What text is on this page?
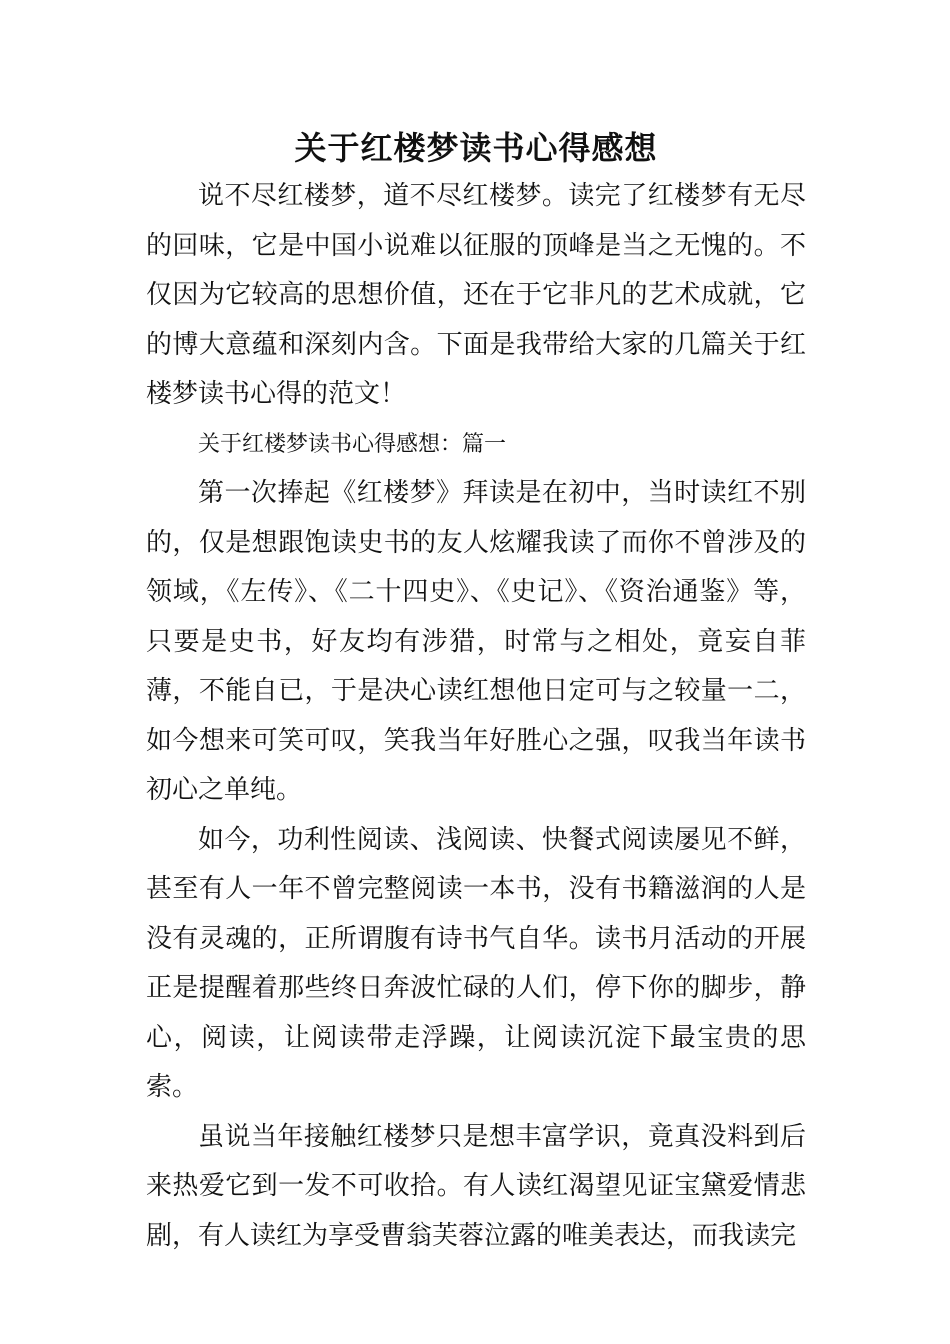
关于红楼梦读书心得感想

说不尽红楼梦，道不尽红楼梦。读完了红楼梦有无尽的回味，它是中国小说难以征服的顶峰是当之无愧的。不仅因为它较高的思想价值，还在于它非凡的艺术成就，它的博大意蕴和深刻内含。下面是我带给大家的几篇关于红楼梦读书心得的范文！

关于红楼梦读书心得感想：篇一

第一次捧起《红楼梦》拜读是在初中，当时读红不别的，仅是想跟饱读史书的友人炫耀我读了而你不曾涉及的领域，《左传》、《二十四史》、《史记》、《资治通鉴》等，只要是史书，好友均有涉猎，时常与之相处，竟妄自菲薄，不能自已，于是决心读红想他日定可与之较量一二，如今想来可笑可叹，笑我当年好胜心之强，叹我当年读书初心之单纯。

如今，功利性阅读、浅阅读、快餐式阅读屡见不鲜，甚至有人一年不曾完整阅读一本书，没有书籍滋润的人是没有灵魂的，正所谓腹有诗书气自华。读书月活动的开展正是提醒着那些终日奔波忙碌的人们，停下你的脚步，静心，阅读，让阅读带走浮躁，让阅读沉淀下最宝贵的思索。

虽说当年接触红楼梦只是想丰富学识，竟真没料到后来热爱它到一发不可收拾。有人读红渴望见证宝黛爱情悲剧，有人读红为享受曹翁芙蓉泣露的唯美表达，而我读完
